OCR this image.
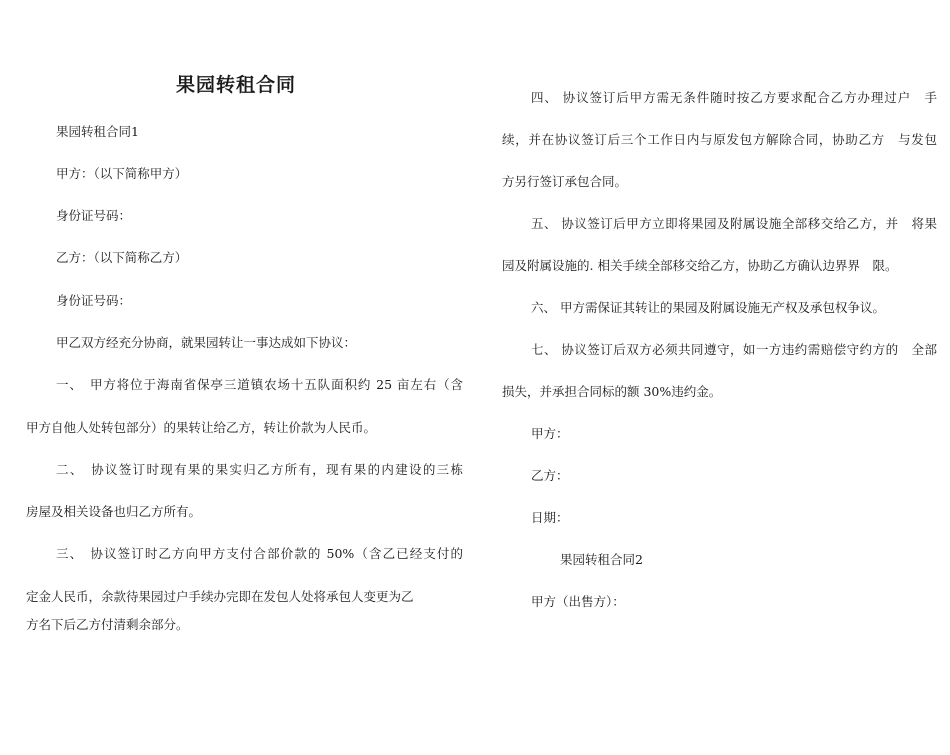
果园转租合同
果园转租合同1
甲方：（以下简称甲方）
身份证号码：
乙方：（以下简称乙方）
身份证号码：
甲乙双方经充分协商，就果园转让一事达成如下协议：
一、　甲方将位于海南省保亭三道镇农场十五队面积约 25 亩左右（含
甲方自他人处转包部分）的果转让给乙方，转让价款为人民币。
二、　协议签订时现有果的果实归乙方所有，现有果的内建设的三栋
房屋及相关设备也归乙方所有。
三、　协议签订时乙方向甲方支付合部价款的 50%（含乙已经支付的
定金人民币，余款待果园过户手续办完即在发包人处将承包人变更为乙
方名下后乙方付清剩余部分。
四、 协议签订后甲方需无条件随时按乙方要求配合乙方办理过户　手
续，并在协议签订后三个工作日内与原发包方解除合同，协助乙方　与发包
方另行签订承包合同。
五、 协议签订后甲方立即将果园及附属设施全部移交给乙方，并　将果
园及附属设施的. 相关手续全部移交给乙方，协助乙方确认边界界　限。
六、 甲方需保证其转让的果园及附属设施无产权及承包权争议。
七、 协议签订后双方必须共同遵守，如一方违约需赔偿守约方的　全部
损失，并承担合同标的额 30%违约金。
甲方：
乙方：
日期：
果园转租合同2
甲方（出售方）：
